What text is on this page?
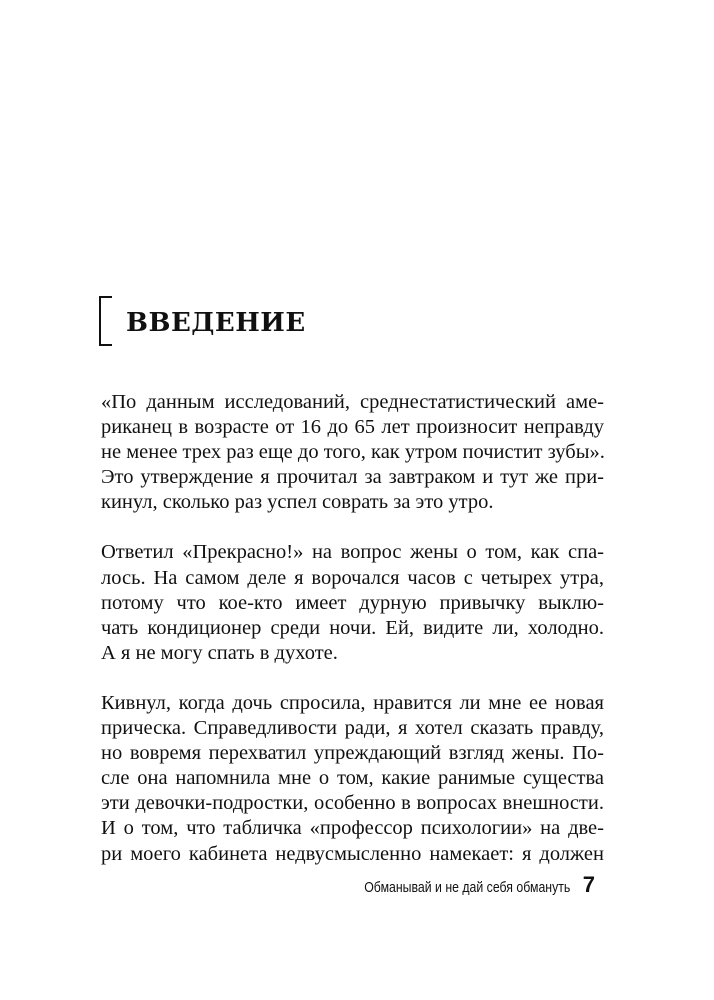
ВВЕДЕНИЕ
«По данным исследований, среднестатистический аме-
риканец в возрасте от 16 до 65 лет произносит неправду
не менее трех раз еще до того, как утром почистит зубы».
Это утверждение я прочитал за завтраком и тут же при-
кинул, сколько раз успел соврать за это утро.
Ответил «Прекрасно!» на вопрос жены о том, как спа-
лось. На самом деле я ворочался часов с четырех утра,
потому что кое-кто имеет дурную привычку выклю-
чать кондиционер среди ночи. Ей, видите ли, холодно.
А я не могу спать в духоте.
Кивнул, когда дочь спросила, нравится ли мне ее новая
прическа. Справедливости ради, я хотел сказать правду,
но вовремя перехватил упреждающий взгляд жены. По-
сле она напомнила мне о том, какие ранимые существа
эти девочки-подростки, особенно в вопросах внешности.
И о том, что табличка «профессор психологии» на две-
ри моего кабинета недвусмысленно намекает: я должен
Обманывай и не дай себя обмануть 7
